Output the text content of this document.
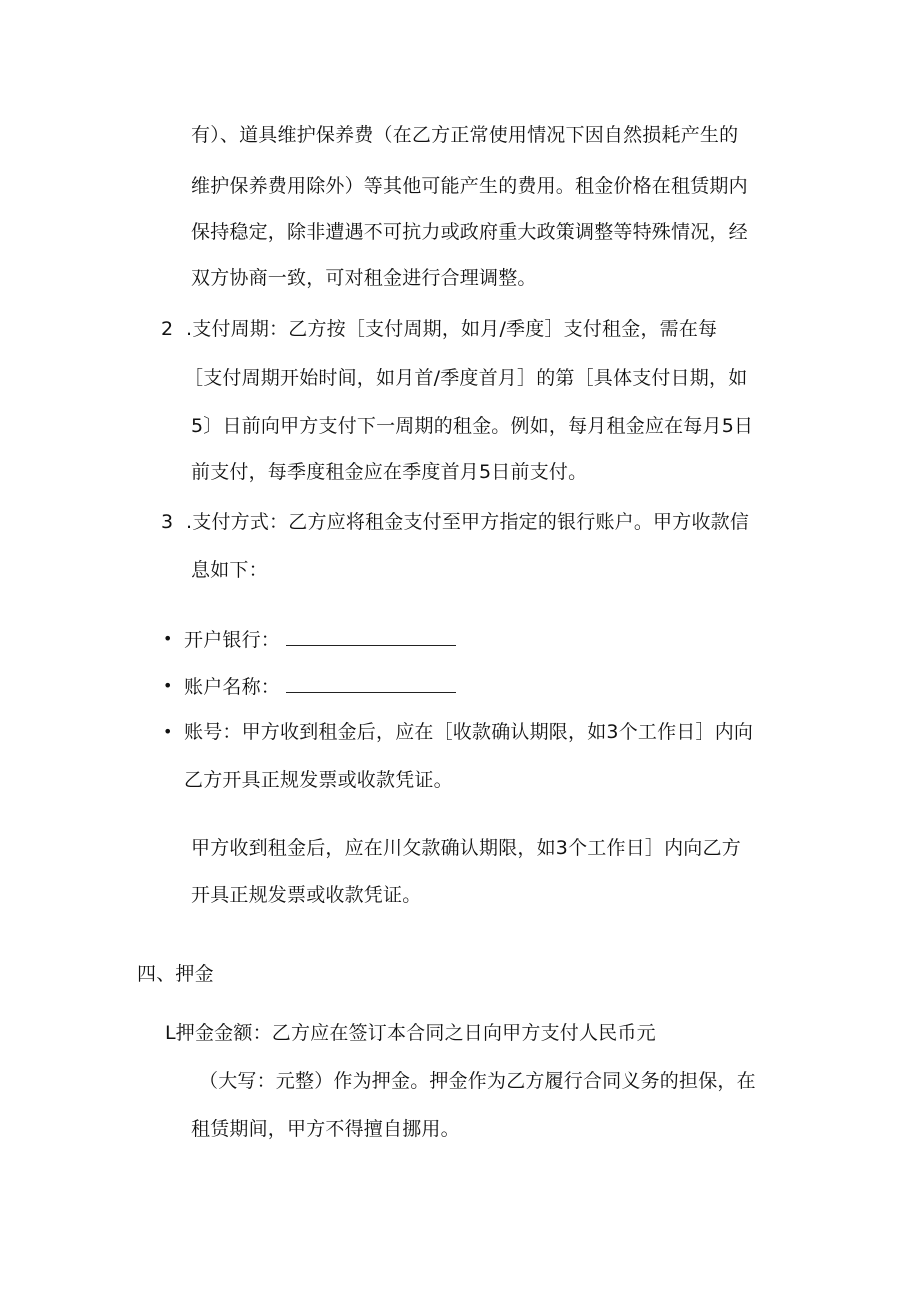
有）、道具维护保养费（在乙方正常使用情况下因自然损耗产生的
维护保养费用除外）等其他可能产生的费用。租金价格在租赁期内
保持稳定，除非遭遇不可抗力或政府重大政策调整等特殊情况，经
双方协商一致，可对租金进行合理调整。
2 .支付周期：乙方按［支付周期，如月/季度］支付租金，需在每
［支付周期开始时间，如月首/季度首月］的第［具体支付日期，如
5〕日前向甲方支付下一周期的租金。例如，每月租金应在每月5日
前支付，每季度租金应在季度首月5日前支付。
3 .支付方式：乙方应将租金支付至甲方指定的银行账户。甲方收款信
息如下：
• 开户银行：
• 账户名称：
• 账号：甲方收到租金后，应在［收款确认期限，如3个工作日］内向
乙方开具正规发票或收款凭证。
甲方收到租金后，应在川攵款确认期限，如3个工作日］内向乙方
开具正规发票或收款凭证。
四、押金
L押金金额：乙方应在签订本合同之日向甲方支付人民币元
（大写：元整）作为押金。押金作为乙方履行合同义务的担保，在
租赁期间，甲方不得擅自挪用。
